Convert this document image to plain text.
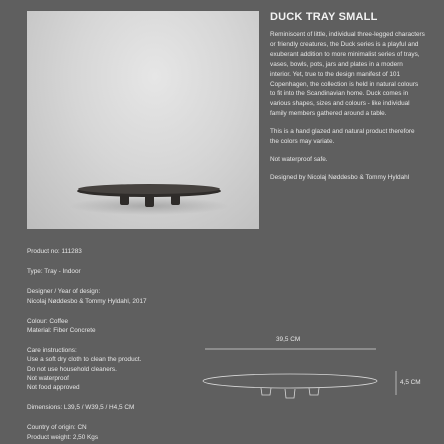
DUCK TRAY SMALL

Reminiscent of little, individual three-legged characters or friendly creatures, the Duck series is a playful and exuberant addition to more minimalist series of trays, vases, bowls, pots, jars and plates in a modern interior. Yet, true to the design manifest of 101 Copenhagen, the collection is held in natural colours to fit into the Scandinavian home. Duck comes in various shapes, sizes and colours - like individual family members gathered around a table.

This is a hand glazed and natural product therefore the colors may variate.

Not waterproof safe.

Designed by Nicolaj Nøddesbo & Tommy Hyldahl

Product no: 111283
Type: Tray - Indoor
Designer / Year of design:
Nicolaj Nøddesbo & Tommy Hyldahl, 2017
Colour: Coffee
Material: Fiber Concrete
Care instructions:
Use a soft dry cloth to clean the product.
Do not use household cleaners.
Not waterproof
Not food approved
Dimensions: L39,5 / W39,5 / H4,5 CM
Country of origin: CN
Product weight: 2,50 Kgs
39,5 CM
4,5 CM
